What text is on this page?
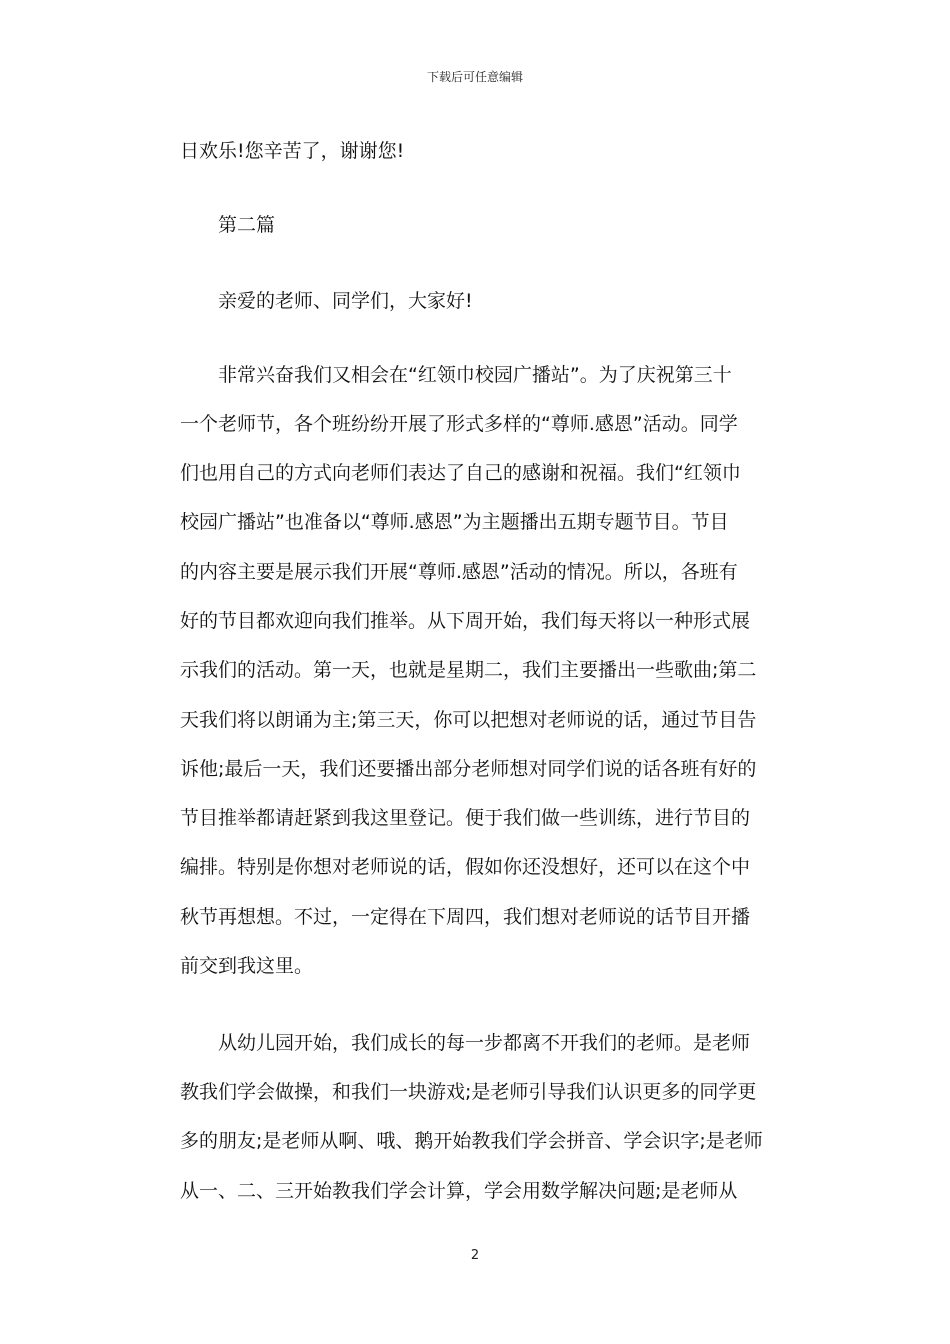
下载后可任意编辑
日欢乐!您辛苦了，谢谢您!
第二篇
亲爱的老师、同学们，大家好!
非常兴奋我们又相会在“红领巾校园广播站”。为了庆祝第三十
一个老师节，各个班纷纷开展了形式多样的“尊师.感恩”活动。同学
们也用自己的方式向老师们表达了自己的感谢和祝福。我们“红领巾
校园广播站”也准备以“尊师.感恩”为主题播出五期专题节目。节目
的内容主要是展示我们开展“尊师.感恩”活动的情况。所以，各班有
好的节目都欢迎向我们推举。从下周开始，我们每天将以一种形式展
示我们的活动。第一天，也就是星期二，我们主要播出一些歌曲;第二
天我们将以朗诵为主;第三天，你可以把想对老师说的话，通过节目告
诉他;最后一天，我们还要播出部分老师想对同学们说的话各班有好的
节目推举都请赶紧到我这里登记。便于我们做一些训练，进行节目的
编排。特别是你想对老师说的话，假如你还没想好，还可以在这个中
秋节再想想。不过，一定得在下周四，我们想对老师说的话节目开播
前交到我这里。
从幼儿园开始，我们成长的每一步都离不开我们的老师。是老师
教我们学会做操，和我们一块游戏;是老师引导我们认识更多的同学更
多的朋友;是老师从啊、哦、鹅开始教我们学会拼音、学会识字;是老师
从一、二、三开始教我们学会计算，学会用数学解决问题;是老师从
2
